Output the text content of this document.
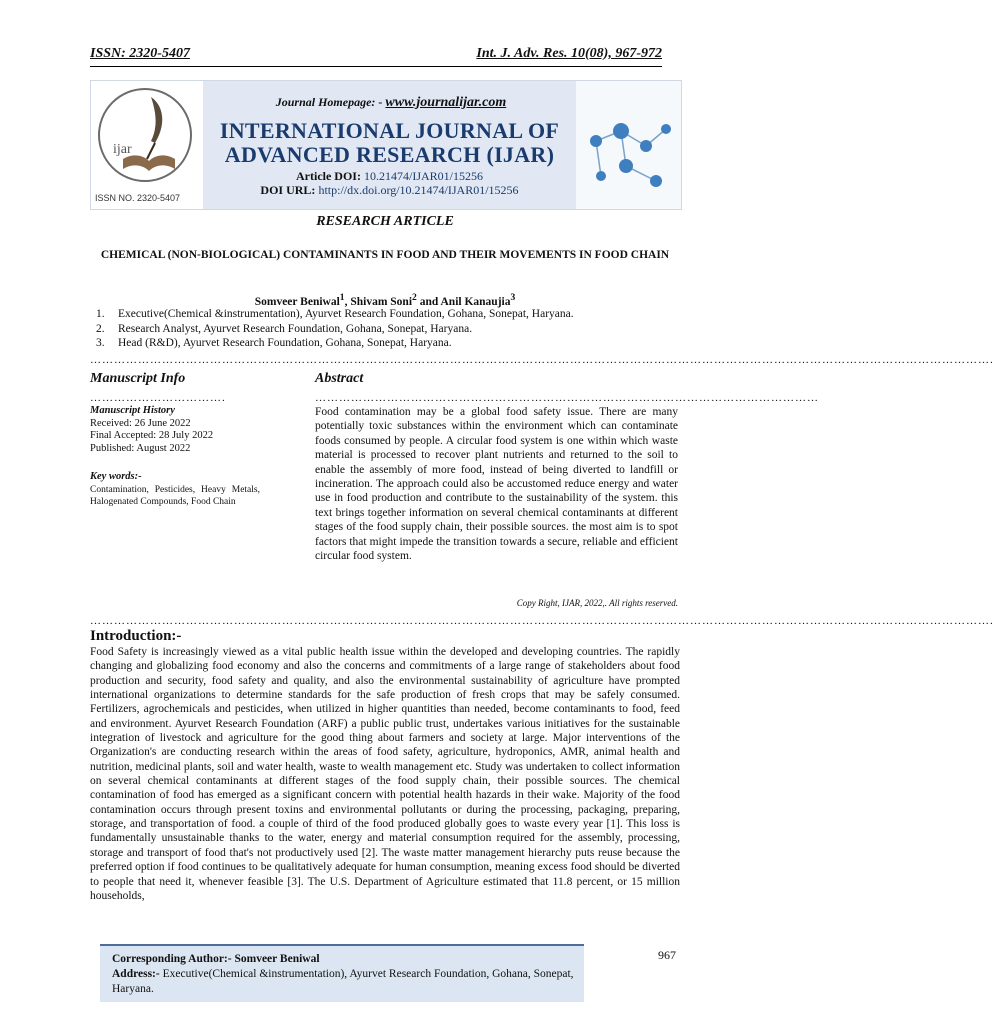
ISSN: 2320-5407	Int. J. Adv. Res. 10(08), 967-972
ijar
ISSN NO. 2320-5407
Journal Homepage: - www.journalijar.com
INTERNATIONAL JOURNAL OF
ADVANCED RESEARCH (IJAR)
Article DOI: 10.21474/IJAR01/15256
DOI URL: http://dx.doi.org/10.21474/IJAR01/15256
RESEARCH ARTICLE
CHEMICAL (NON-BIOLOGICAL) CONTAMINANTS IN FOOD AND THEIR MOVEMENTS IN FOOD CHAIN
Somveer Beniwal$^1$, Shivam Soni$^2$ and Anil Kanaujia$^3$
1. Executive(Chemical &instrumentation), Ayurvet Research Foundation, Gohana, Sonepat, Haryana.
2. Research Analyst, Ayurvet Research Foundation, Gohana, Sonepat, Haryana.
3. Head (R&D), Ayurvet Research Foundation, Gohana, Sonepat, Haryana.
……………………………………………………………………………………………………………………………………………………………………………………………………….
Manuscript Info	Abstract
…………………………….	………………………………………………………………………………………………………………
Manuscript History
Received: 26 June 2022
Final Accepted: 28 July 2022
Published: August 2022
Key words:-
Contamination, Pesticides, Heavy Metals, Halogenated Compounds, Food Chain
Food contamination may be a global food safety issue. There are many potentially toxic substances within the environment which can contaminate foods consumed by people. A circular food system is one within which waste material is processed to recover plant nutrients and returned to the soil to enable the assembly of more food, instead of being diverted to landfill or incineration. The approach could also be accustomed reduce energy and water use in food production and contribute to the sustainability of the system. this text brings together information on several chemical contaminants at different stages of the food supply chain, their possible sources. the most aim is to spot factors that might impede the transition towards a secure, reliable and efficient circular food system.
Copy Right, IJAR, 2022,. All rights reserved.
……………………………………………………………………………………………………………………………………………………………………………………………………….
Introduction:-
Food Safety is increasingly viewed as a vital public health issue within the developed and developing countries. The rapidly changing and globalizing food economy and also the concerns and commitments of a large range of stakeholders about food production and security, food safety and quality, and also the environmental sustainability of agriculture have prompted international organizations to determine standards for the safe production of fresh crops that may be safely consumed. Fertilizers, agrochemicals and pesticides, when utilized in higher quantities than needed, become contaminants to food, feed and environment. Ayurvet Research Foundation (ARF) a public public trust, undertakes various initiatives for the sustainable integration of livestock and agriculture for the good thing about farmers and society at large. Major interventions of the Organization's are conducting research within the areas of food safety, agriculture, hydroponics, AMR, animal health and nutrition, medicinal plants, soil and water health, waste to wealth management etc. Study was undertaken to collect information on several chemical contaminants at different stages of the food supply chain, their possible sources. The chemical contamination of food has emerged as a significant concern with potential health hazards in their wake. Majority of the food contamination occurs through present toxins and environmental pollutants or during the processing, packaging, preparing, storage, and transportation of food. a couple of third of the food produced globally goes to waste every year [1]. This loss is fundamentally unsustainable thanks to the water, energy and material consumption required for the assembly, processing, storage and transport of food that's not productively used [2]. The waste matter management hierarchy puts reuse because the preferred option if food continues to be qualitatively adequate for human consumption, meaning excess food should be diverted to people that need it, whenever feasible [3]. The U.S. Department of Agriculture estimated that 11.8 percent, or 15 million households,
Corresponding Author:- Somveer Beniwal
Address:- Executive(Chemical &instrumentation), Ayurvet Research Foundation, Gohana, Sonepat, Haryana.
967
